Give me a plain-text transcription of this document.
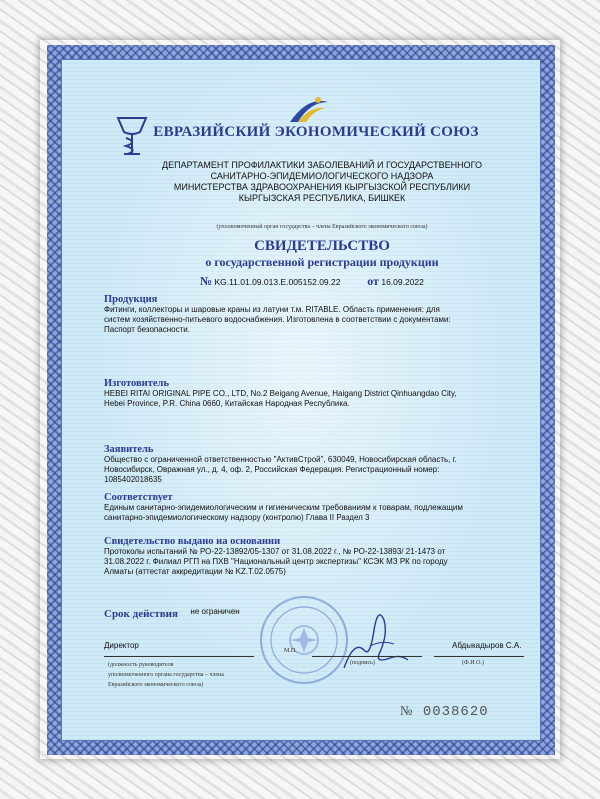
ЕВРАЗИЙСКИЙ ЭКОНОМИЧЕСКИЙ СОЮЗ
ДЕПАРТАМЕНТ ПРОФИЛАКТИКИ ЗАБОЛЕВАНИЙ И ГОСУДАРСТВЕННОГО
САНИТАРНО-ЭПИДЕМИОЛОГИЧЕСКОГО НАДЗОРА
МИНИСТЕРСТВА ЗДРАВООХРАНЕНИЯ КЫРГЫЗСКОЙ РЕСПУБЛИКИ
КЫРГЫЗСКАЯ РЕСПУБЛИКА, БИШКЕК
(уполномоченный орган государства – члена Евразийского экономического союза)
СВИДЕТЕЛЬСТВО
о государственной регистрации продукции
№ KG.11.01.09.013.Е.005152.09.22 от 16.09.2022
Продукция
Фитинги, коллекторы и шаровые краны из латуни т.м. RITABLE. Область применения: для
систем хозяйственно-питьевого водоснабжения. Изготовлена в соответствии с документами:
Паспорт безопасности.
Изготовитель
HEBEI RITAI ORIGINAL PIPE CO., LTD, No.2 Beigang Avenue, Haigang District Qinhuangdao City,
Hebei Province, P.R. China 0660, Китайская Народная Республика.
Заявитель
Общество с ограниченной ответственностью "АктивСтрой", 630049, Новосибирская область, г.
Новосибирск, Овражная ул., д. 4, оф. 2, Российская Федерация. Регистрационный номер:
1085402018635
Соответствует
Единым санитарно-эпидемиологическим и гигиеническим требованиям к товарам, подлежащим
санитарно-эпидемиологическому надзору (контролю) Глава II Раздел 3
Свидетельство выдано на основании
Протоколы испытаний № РО-22-13892/05-1307 от 31.08.2022 г., № РО-22-13893/ 21-1473 от
31.08.2022 г. Филиал РГП на ПХВ "Национальный центр экспертизы" КСЭК МЗ РК по городу
Алматы (аттестат аккредитации № KZ.T.02.0575)
Срок действия не ограничен
Директор	Абдыкадыров С.А.
М.П.
(подпись)	(Ф.И.О.)
(должность руководителя
уполномоченного органа государства – члена
Евразийского экономического союза)
№ 0038620
